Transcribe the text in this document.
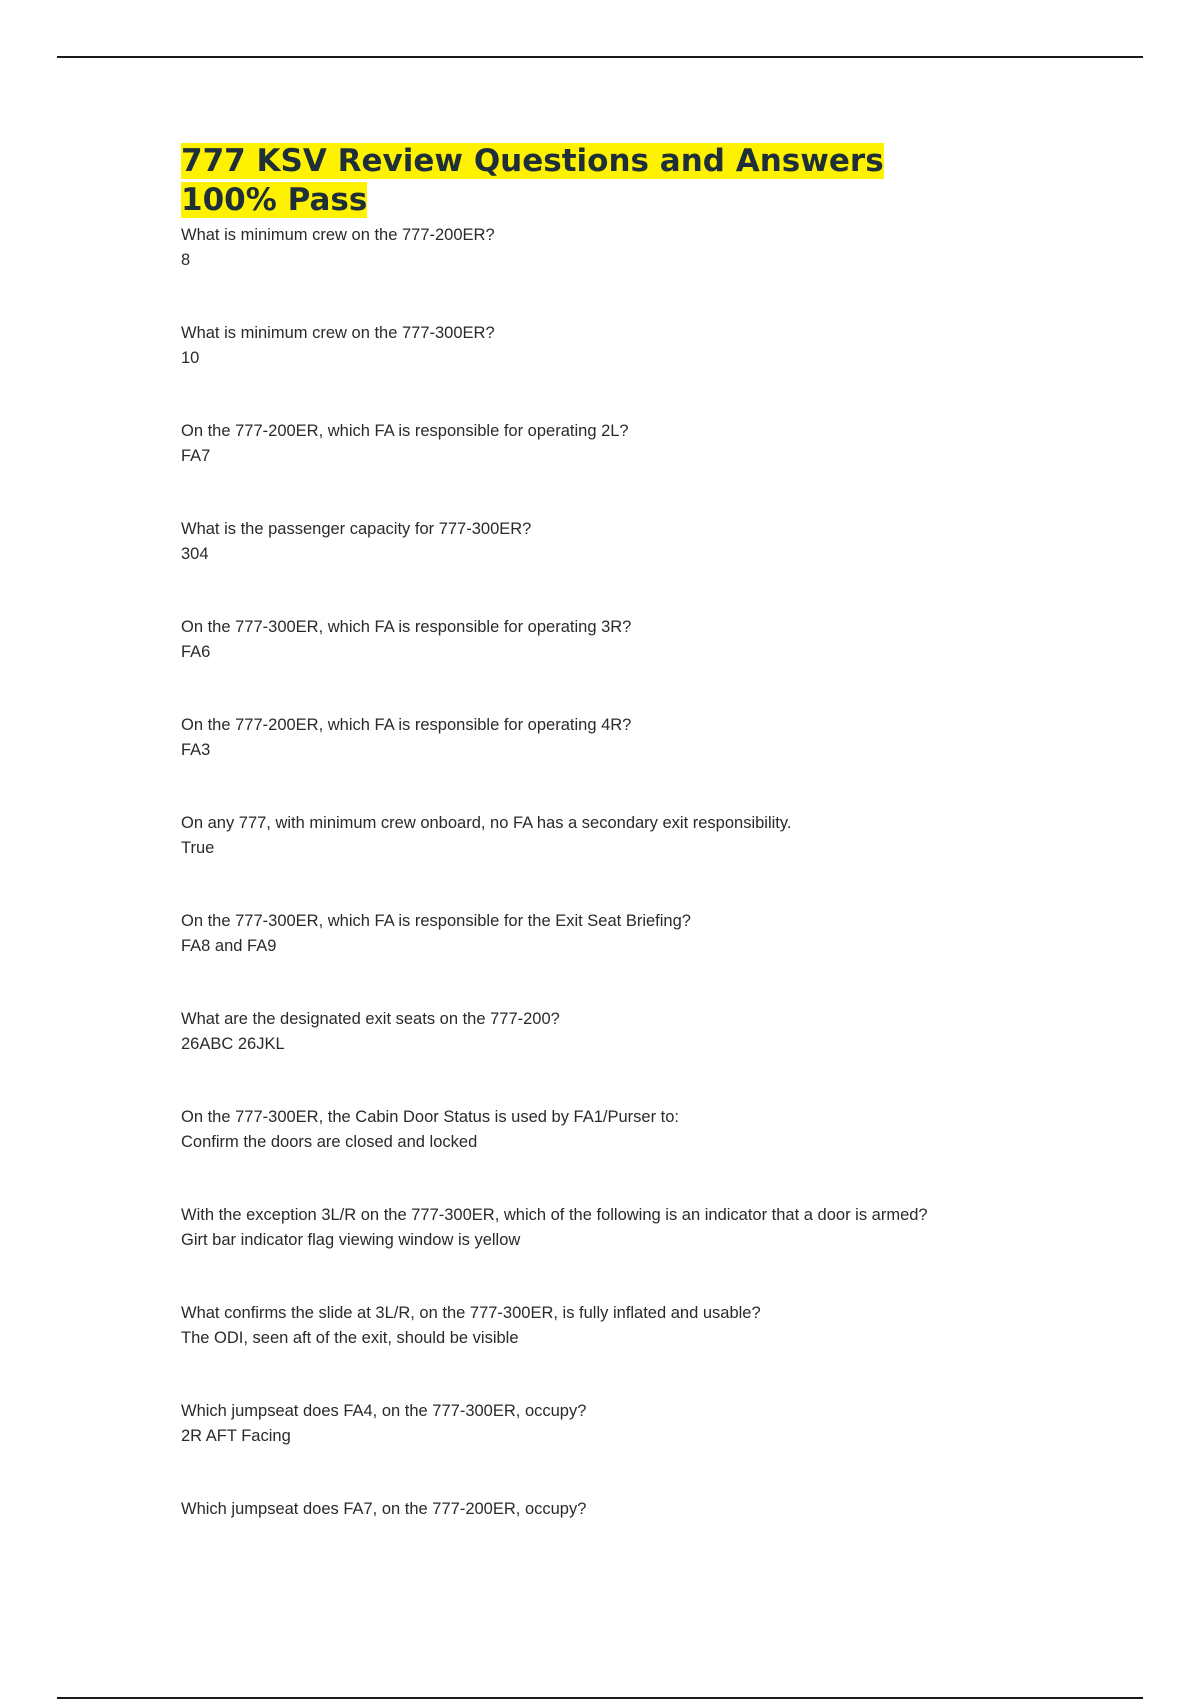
777 KSV Review Questions and Answers 100% Pass
What is minimum crew on the 777-200ER?
8
What is minimum crew on the 777-300ER?
10
On the 777-200ER, which FA is responsible for operating 2L?
FA7
What is the passenger capacity for 777-300ER?
304
On the 777-300ER, which FA is responsible for operating 3R?
FA6
On the 777-200ER, which FA is responsible for operating 4R?
FA3
On any 777, with minimum crew onboard, no FA has a secondary exit responsibility.
True
On the 777-300ER, which FA is responsible for the Exit Seat Briefing?
FA8 and FA9
What are the designated exit seats on the 777-200?
26ABC 26JKL
On the 777-300ER, the Cabin Door Status is used by FA1/Purser to:
Confirm the doors are closed and locked
With the exception 3L/R on the 777-300ER, which of the following is an indicator that a door is armed?
Girt bar indicator flag viewing window is yellow
What confirms the slide at 3L/R, on the 777-300ER, is fully inflated and usable?
The ODI, seen aft of the exit, should be visible
Which jumpseat does FA4, on the 777-300ER, occupy?
2R AFT Facing
Which jumpseat does FA7, on the 777-200ER, occupy?
